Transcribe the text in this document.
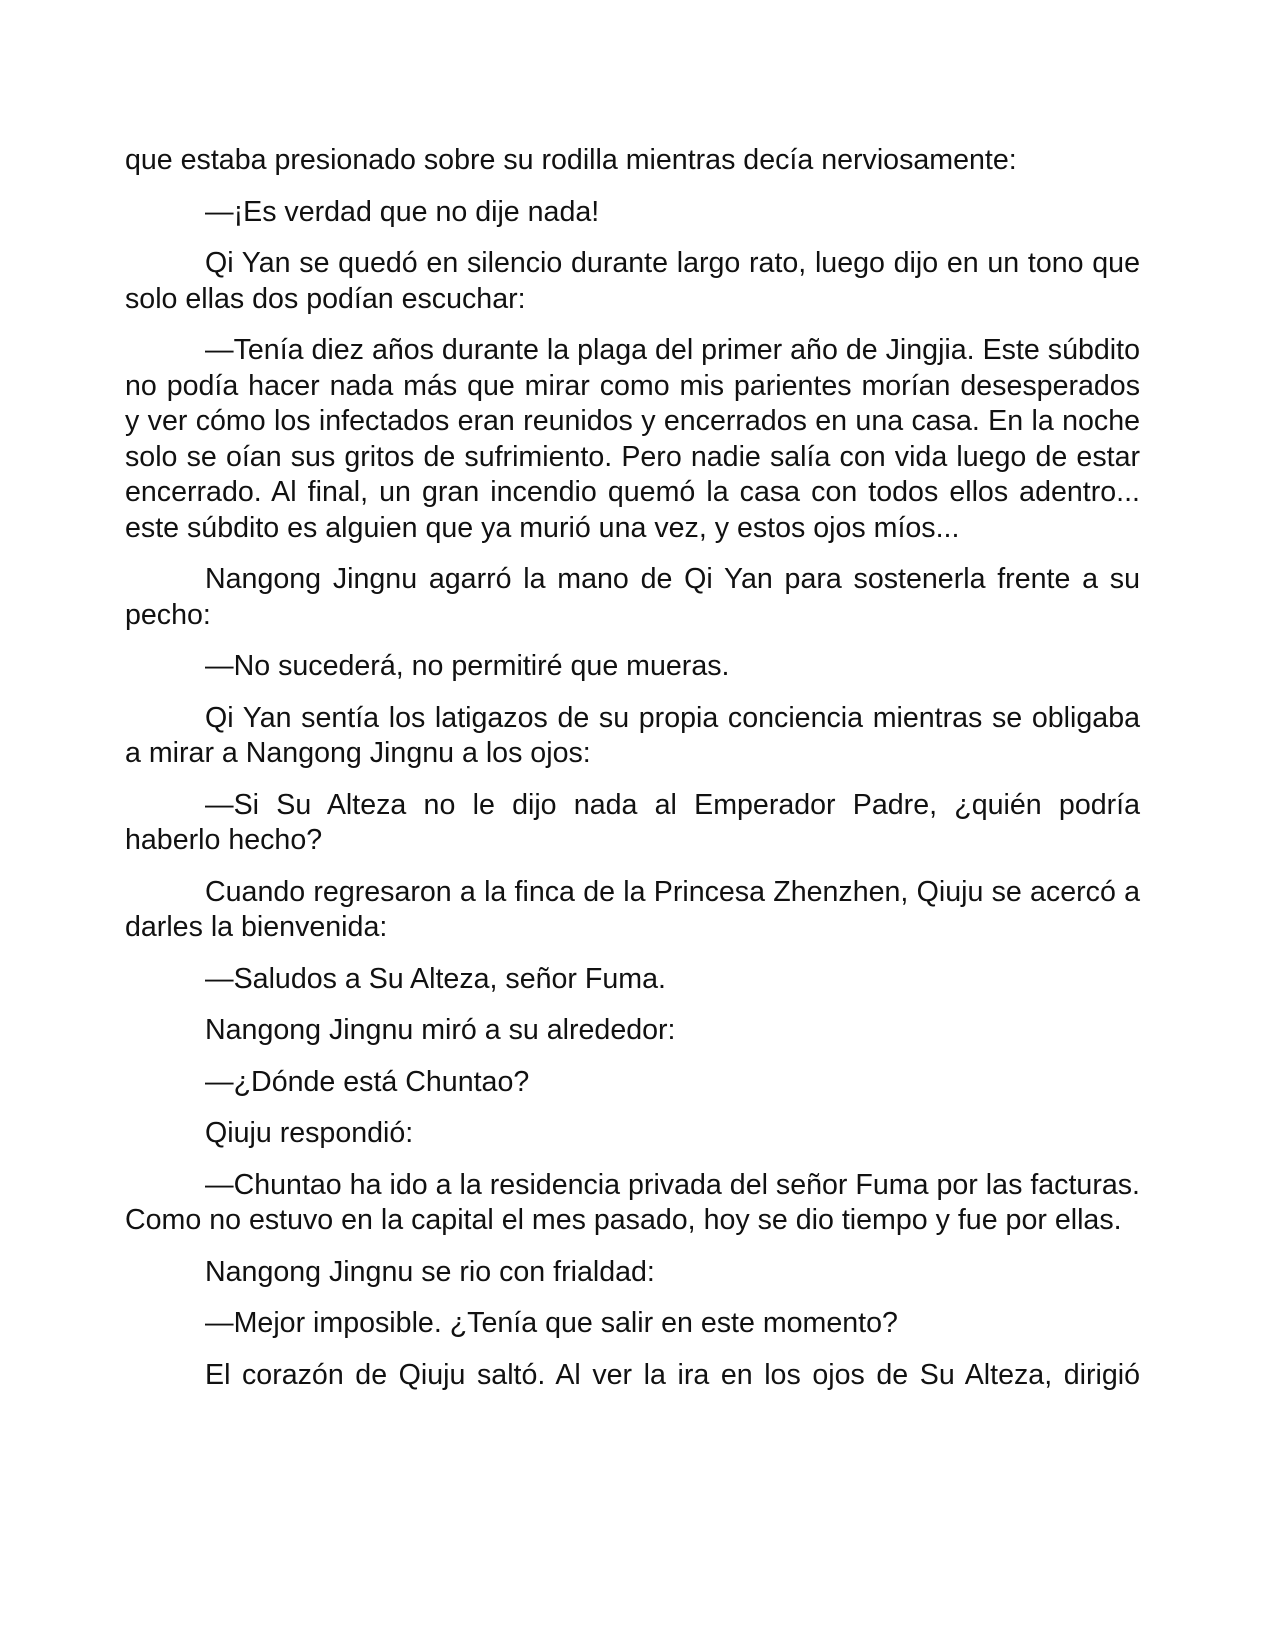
que estaba presionado sobre su rodilla mientras decía nerviosamente:

—¡Es verdad que no dije nada!

Qi Yan se quedó en silencio durante largo rato, luego dijo en un tono que solo ellas dos podían escuchar:

—Tenía diez años durante la plaga del primer año de Jingjia. Este súbdito no podía hacer nada más que mirar como mis parientes morían desesperados y ver cómo los infectados eran reunidos y encerrados en una casa. En la noche solo se oían sus gritos de sufrimiento. Pero nadie salía con vida luego de estar encerrado. Al final, un gran incendio quemó la casa con todos ellos adentro... este súbdito es alguien que ya murió una vez, y estos ojos míos...

Nangong Jingnu agarró la mano de Qi Yan para sostenerla frente a su pecho:

—No sucederá, no permitiré que mueras.

Qi Yan sentía los latigazos de su propia conciencia mientras se obligaba a mirar a Nangong Jingnu a los ojos:

—Si Su Alteza no le dijo nada al Emperador Padre, ¿quién podría haberlo hecho?

Cuando regresaron a la finca de la Princesa Zhenzhen, Qiuju se acercó a darles la bienvenida:

—Saludos a Su Alteza, señor Fuma.

Nangong Jingnu miró a su alrededor:

—¿Dónde está Chuntao?

Qiuju respondió:

—Chuntao ha ido a la residencia privada del señor Fuma por las facturas. Como no estuvo en la capital el mes pasado, hoy se dio tiempo y fue por ellas.

Nangong Jingnu se rio con frialdad:

—Mejor imposible. ¿Tenía que salir en este momento?

El corazón de Qiuju saltó. Al ver la ira en los ojos de Su Alteza, dirigió
